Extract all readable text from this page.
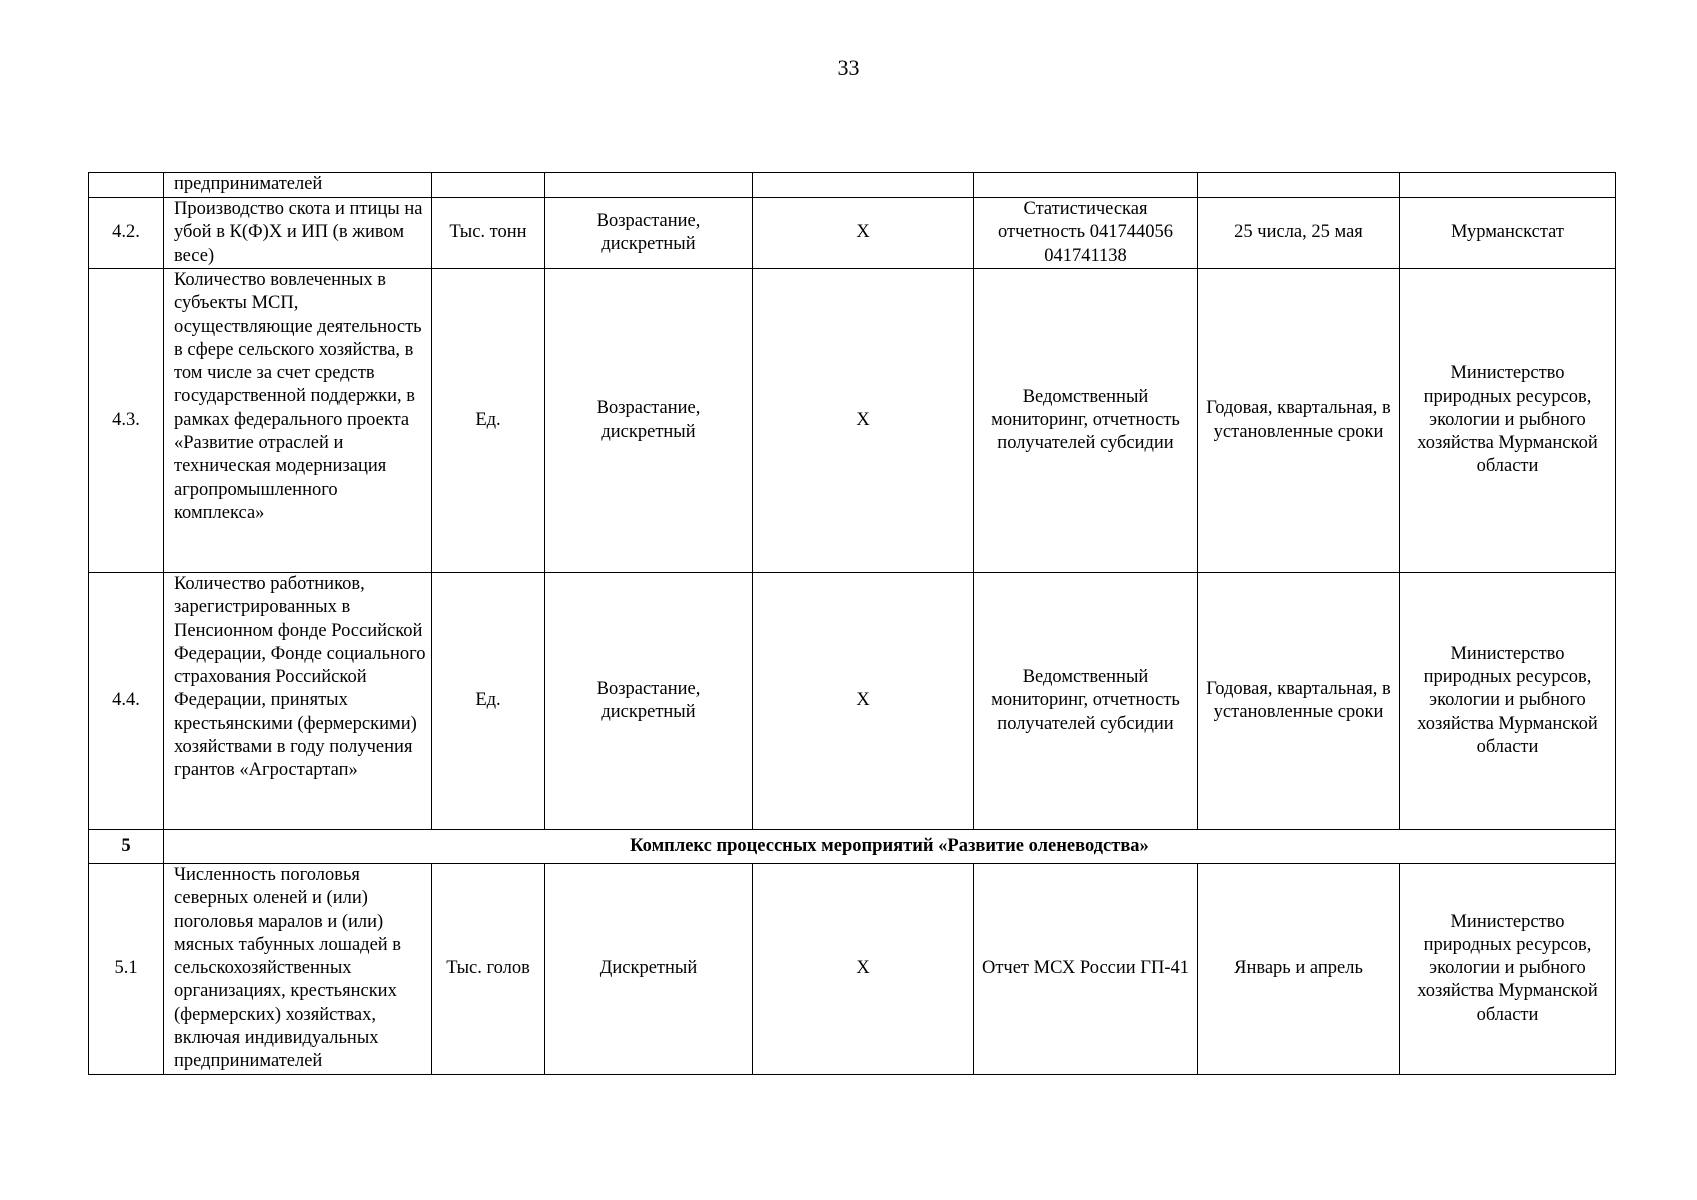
33
	предпринимателей						
4.2.	Производство скота и птицы на убой в К(Ф)Х и ИП (в живом весе)	Тыс. тонн	Возрастание, дискретный	Х	Статистическая отчетность 041744056 041741138	25 числа, 25 мая	Мурманскстат
4.3.	Количество вовлеченных в субъекты МСП, осуществляющие деятельность в сфере сельского хозяйства, в том числе за счет средств государственной поддержки, в рамках федерального проекта «Развитие отраслей и техническая модернизация агропромышленного комплекса»	Ед.	Возрастание, дискретный	Х	Ведомственный мониторинг, отчетность получателей субсидии	Годовая, квартальная, в установленные сроки	Министерство природных ресурсов, экологии и рыбного хозяйства Мурманской области
4.4.	Количество работников, зарегистрированных в Пенсионном фонде Российской Федерации, Фонде социального страхования Российской Федерации, принятых крестьянскими (фермерскими) хозяйствами в году получения грантов «Агростартап»	Ед.	Возрастание, дискретный	Х	Ведомственный мониторинг, отчетность получателей субсидии	Годовая, квартальная, в установленные сроки	Министерство природных ресурсов, экологии и рыбного хозяйства Мурманской области
5	Комплекс процессных мероприятий «Развитие оленеводства»						
5.1	Численность поголовья северных оленей и (или) поголовья маралов и (или) мясных табунных лошадей в сельскохозяйственных организациях, крестьянских (фермерских) хозяйствах, включая индивидуальных предпринимателей	Тыс. голов	Дискретный	Х	Отчет МСХ России ГП-41	Январь и апрель	Министерство природных ресурсов, экологии и рыбного хозяйства Мурманской области
